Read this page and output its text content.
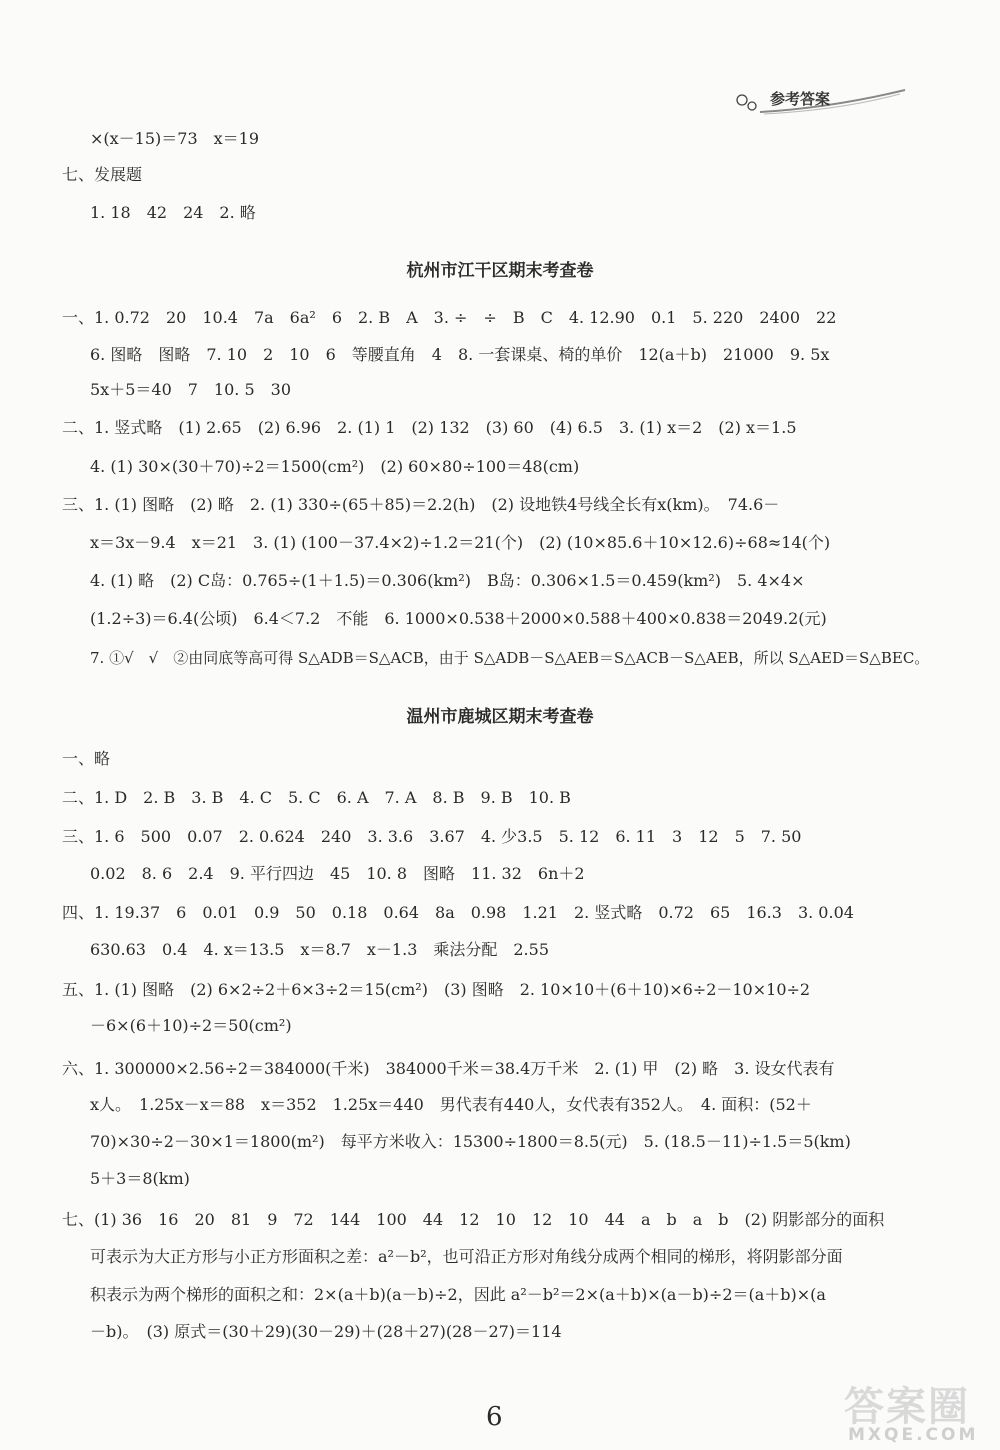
参考答案
×(x－15)＝73　x＝19
七、发展题
1. 18　42　24　2. 略
杭州市江干区期末考查卷
一、1. 0.72　20　10.4　7a　6a²　6　2. B　A　3. ÷　÷　B　C　4. 12.90　0.1　5. 220　2400　22
6. 图略　图略　7. 10　2　10　6　等腰直角　4　8. 一套课桌、椅的单价　12(a＋b)　21000　9. 5x
5x＋5＝40　7　10. 5　30
二、1. 竖式略　(1) 2.65　(2) 6.96　2. (1) 1　(2) 132　(3) 60　(4) 6.5　3. (1) x＝2　(2) x＝1.5
4. (1) 30×(30＋70)÷2＝1500(cm²)　(2) 60×80÷100＝48(cm)
三、1. (1) 图略　(2) 略　2. (1) 330÷(65＋85)＝2.2(h)　(2) 设地铁4号线全长有x(km)。　74.6－
x＝3x－9.4　x＝21　3. (1) (100－37.4×2)÷1.2＝21(个)　(2) (10×85.6＋10×12.6)÷68≈14(个)
4. (1) 略　(2) C岛：0.765÷(1＋1.5)＝0.306(km²)　B岛：0.306×1.5＝0.459(km²)　5. 4×4×
(1.2÷3)＝6.4(公顷)　6.4＜7.2　不能　6. 1000×0.538＋2000×0.588＋400×0.838＝2049.2(元)
7. ①√　√　②由同底等高可得 S△ADB＝S△ACB，由于 S△ADB－S△AEB＝S△ACB－S△AEB，所以 S△AED＝S△BEC。
温州市鹿城区期末考查卷
一、略
二、1. D　2. B　3. B　4. C　5. C　6. A　7. A　8. B　9. B　10. B
三、1. 6　500　0.07　2. 0.624　240　3. 3.6　3.67　4. 少3.5　5. 12　6. 11　3　12　5　7. 50
0.02　8. 6　2.4　9. 平行四边　45　10. 8　图略　11. 32　6n＋2
四、1. 19.37　6　0.01　0.9　50　0.18　0.64　8a　0.98　1.21　2. 竖式略　0.72　65　16.3　3. 0.04
630.63　0.4　4. x＝13.5　x＝8.7　x－1.3　乘法分配　2.55
五、1. (1) 图略　(2) 6×2÷2＋6×3÷2＝15(cm²)　(3) 图略　2. 10×10＋(6＋10)×6÷2－10×10÷2
－6×(6＋10)÷2＝50(cm²)
六、1. 300000×2.56÷2＝384000(千米)　384000千米＝38.4万千米　2. (1) 甲　(2) 略　3. 设女代表有
x人。　1.25x－x＝88　x＝352　1.25x＝440　男代表有440人，女代表有352人。　4. 面积：(52＋
70)×30÷2－30×1＝1800(m²)　每平方米收入：15300÷1800＝8.5(元)　5. (18.5－11)÷1.5＝5(km)
5＋3＝8(km)
七、(1) 36　16　20　81　9　72　144　100　44　12　10　12　10　44　a　b　a　b　(2) 阴影部分的面积
可表示为大正方形与小正方形面积之差：a²－b²，也可沿正方形对角线分成两个相同的梯形，将阴影部分面
积表示为两个梯形的面积之和：2×(a＋b)(a－b)÷2，因此 a²－b²＝2×(a＋b)×(a－b)÷2＝(a＋b)×(a
－b)。　(3) 原式＝(30＋29)(30－29)＋(28＋27)(28－27)＝114
6	答案圈
MXQE.COM
